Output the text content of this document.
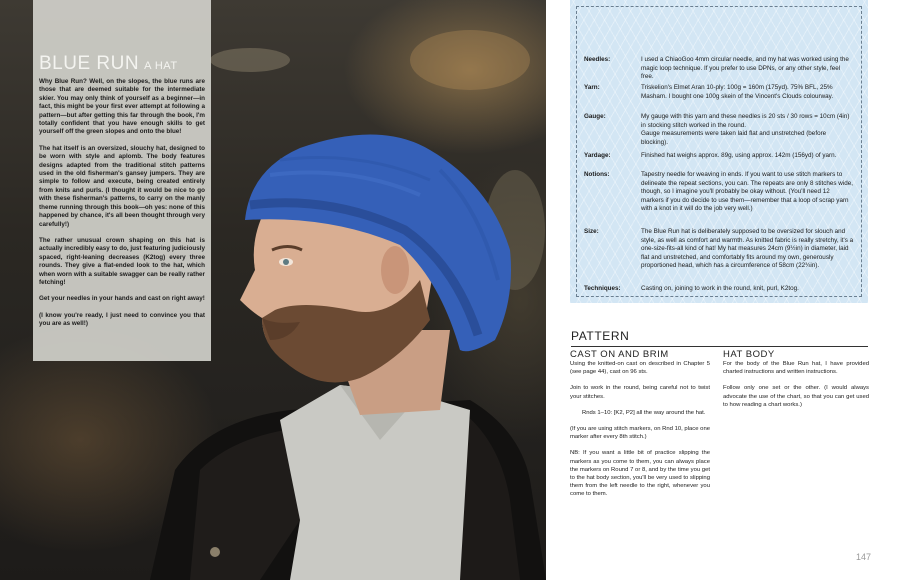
BLUE RUN A HAT

Why Blue Run? Well, on the slopes, the blue runs are those that are deemed suitable for the intermediate skier. You may only think of yourself as a beginner—in fact, this might be your first ever attempt at following a pattern—but after getting this far through the book, I'm totally confident that you have enough skills to get yourself off the green slopes and onto the blue!

The hat itself is an oversized, slouchy hat, designed to be worn with style and aplomb. The body features designs adapted from the traditional stitch patterns used in the old fisherman's gansey jumpers. They are simple to follow and execute, being created entirely from knits and purls. (I thought it would be nice to go with these fisherman's patterns, to carry on the manly theme running through this book—oh yes: none of this happened by chance, it's all been thought through very carefully!)

The rather unusual crown shaping on this hat is actually incredibly easy to do, just featuring judiciously spaced, right-leaning decreases (K2tog) every three rounds. They give a flat-ended look to the hat, which when worn with a suitable swagger can be really rather fetching!

Get your needles in your hands and cast on right away!

(I know you're ready, I just need to convince you that you are as well!)

Needles:	I used a ChiaoGoo 4mm circular needle, and my hat was worked using the magic loop technique. If you prefer to use DPNs, or any other style, feel free.

Yarn:	Triskelion's Elmet Aran 10-ply: 100g = 160m (175yd). 75% BFL, 25% Masham. I bought one 100g skein of the Vincent's Clouds colourway.

Gauge:	My gauge with this yarn and these needles is 20 sts / 30 rows = 10cm (4in) in stocking stitch worked in the round.

Gauge measurements were taken laid flat and unstretched (before blocking).

Yardage:	Finished hat weighs approx. 89g, using approx. 142m (156yd) of yarn.

Notions:	Tapestry needle for weaving in ends. If you want to use stitch markers to delineate the repeat sections, you can. The repeats are only 8 stitches wide, though, so I imagine you'll probably be okay without. (You'll need 12 markers if you do decide to use them—remember that a loop of scrap yarn with a knot in it will do the job very well.)

Size:	The Blue Run hat is deliberately supposed to be oversized for slouch and style, as well as comfort and warmth. As knitted fabric is really stretchy, it's a one-size-fits-all kind of hat! My hat measures 24cm (9½in) in diameter, laid flat and unstretched, and comfortably fits around my own, generously proportioned head, which has a circumference of 58cm (22¾in).

Techniques:	Casting on, joining to work in the round, knit, purl, K2tog.

PATTERN
CAST ON AND BRIM

Using the knitted-on cast on described in Chapter 5 (see page 44), cast on 96 sts.

Join to work in the round, being careful not to twist your stitches.

Rnds 1–10: [K2, P2] all the way around the hat.

(If you are using stitch markers, on Rnd 10, place one marker after every 8th stitch.)

NB: If you want a little bit of practice slipping the markers as you come to them, you can always place the markers on Round 7 or 8, and by the time you get to the hat body section, you'll be very used to slipping them from the left needle to the right, whenever you come to them.

HAT BODY

For the body of the Blue Run hat, I have provided charted instructions and written instructions.

Follow only one set or the other. (I would always advocate the use of the chart, so that you can get used to how reading a chart works.)

147
